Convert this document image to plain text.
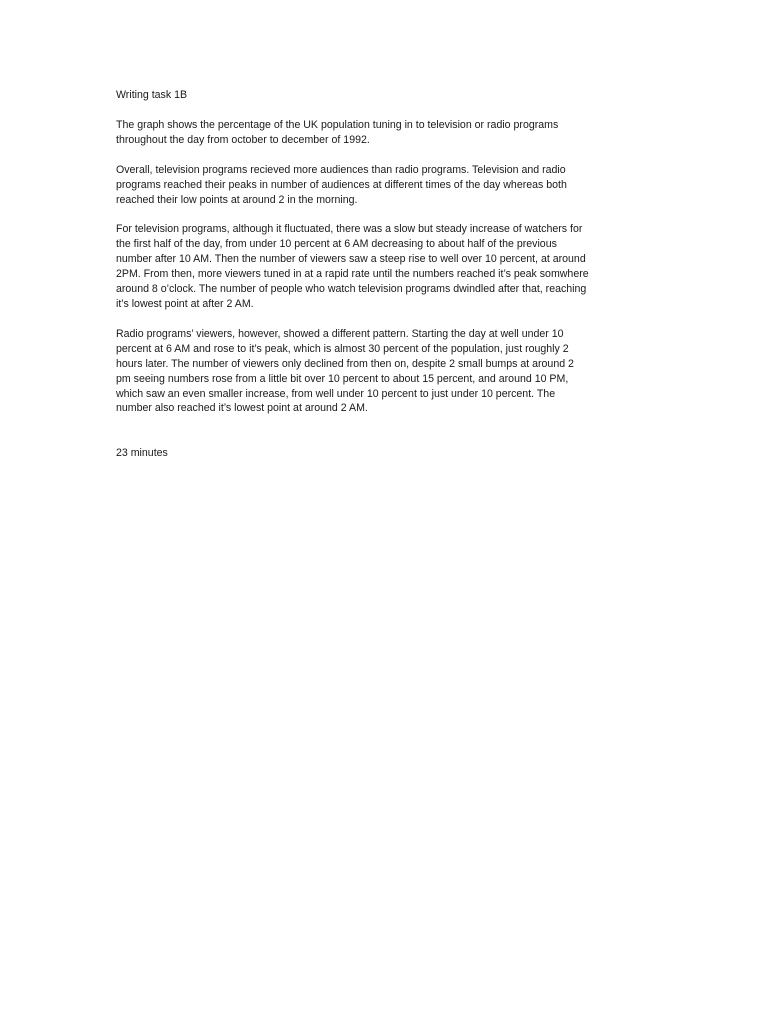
Writing task 1B

The graph shows the percentage of the UK population tuning in to television or radio programs
throughout the day from october to december of 1992.

Overall, television programs recieved more audiences than radio programs. Television and radio
programs reached their peaks in number of audiences at different times of the day whereas both
reached their low points at around 2 in the morning.

For television programs, although it fluctuated, there was a slow but steady increase of watchers for
the first half of the day, from under 10 percent at 6 AM decreasing to about half of the previous
number after 10 AM. Then the number of viewers saw a steep rise to well over 10 percent, at around
2PM. From then, more viewers tuned in at a rapid rate until the numbers reached it’s peak somwhere
around 8 o’clock. The number of people who watch television programs dwindled after that, reaching
it’s lowest point at after 2 AM.

Radio programs’ viewers, however, showed a different pattern. Starting the day at well under 10
percent at 6 AM and rose to it’s peak, which is almost 30 percent of the population, just roughly 2
hours later. The number of viewers only declined from then on, despite 2 small bumps at around 2
pm seeing numbers rose from a little bit over 10 percent to about 15 percent, and around 10 PM,
which saw an even smaller increase, from well under 10 percent to just under 10 percent. The
number also reached it’s lowest point at around 2 AM.

23 minutes
